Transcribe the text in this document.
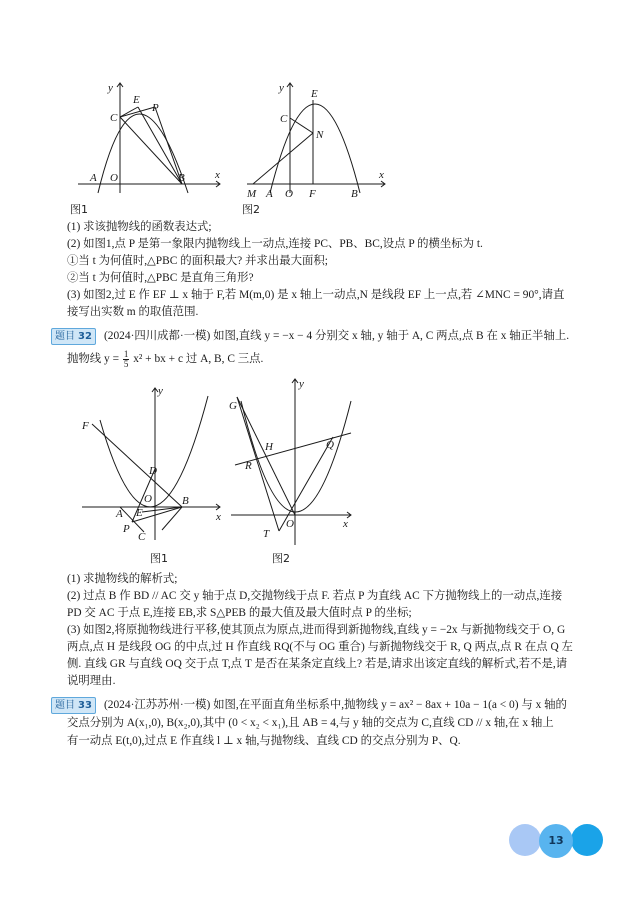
x
y
A O	B
C
E
P
图1
x
y
M A O F	B
C
E
N
图2
(1) 求该抛物线的函数表达式;
(2) 如图1,点 P 是第一象限内抛物线上一动点,连接 PC、PB、BC,设点 P 的横坐标为 t.
①当 t 为何值时,△PBC 的面积最大? 并求出最大面积;
②当 t 为何值时,△PBC 是直角三角形?
(3) 如图2,过 E 作 EF ⊥ x 轴于 F,若 M(m,0) 是 x 轴上一动点,N 是线段 EF 上一点,若 ∠MNC = 90°,请直
接写出实数 m 的取值范围.
题目 32	(2024·四川成都·一模) 如图,直线 y = −x − 4 分别交 x 轴, y 轴于 A, C 两点,点 B 在 x 轴正半轴上.
抛物线 $y = \frac{1}{5} x^2$ + bx + c 过 A, B, C 三点.
x
y
F
D
O
A
B
E
P
C
图1
x
y
G
H
R
Q
O
T
图2
(1) 求抛物线的解析式;
(2) 过点 B 作 BD // AC 交 y 轴于点 D,交抛物线于点 F. 若点 P 为直线 AC 下方抛物线上的一动点,连接
PD 交 AC 于点 E,连接 EB,求 S△PEB 的最大值及最大值时点 P 的坐标;
(3) 如图2,将原抛物线进行平移,使其顶点为原点,进而得到新抛物线,直线 y = −2x 与新抛物线交于 O, G
两点,点 H 是线段 OG 的中点,过 H 作直线 RQ(不与 OG 重合) 与新抛物线交于 R, Q 两点,点 R 在点 Q 左
侧. 直线 GR 与直线 OQ 交于点 T,点 T 是否在某条定直线上? 若是,请求出该定直线的解析式,若不是,请
说明理由.
题目 33	(2024·江苏苏州·一模) 如图,在平面直角坐标系中,抛物线 y = ax² − 8ax + 10a − 1(a < 0) 与 x 轴的
交点分别为 A(x₁,0), B(x₂,0),其中 (0 < x₂ < x₁),且 AB = 4,与 y 轴的交点为 C,直线 CD // x 轴,在 x 轴上
有一动点 E(t,0),过点 E 作直线 l ⊥ x 轴,与抛物线、直线 CD 的交点分别为 P、Q.
13
